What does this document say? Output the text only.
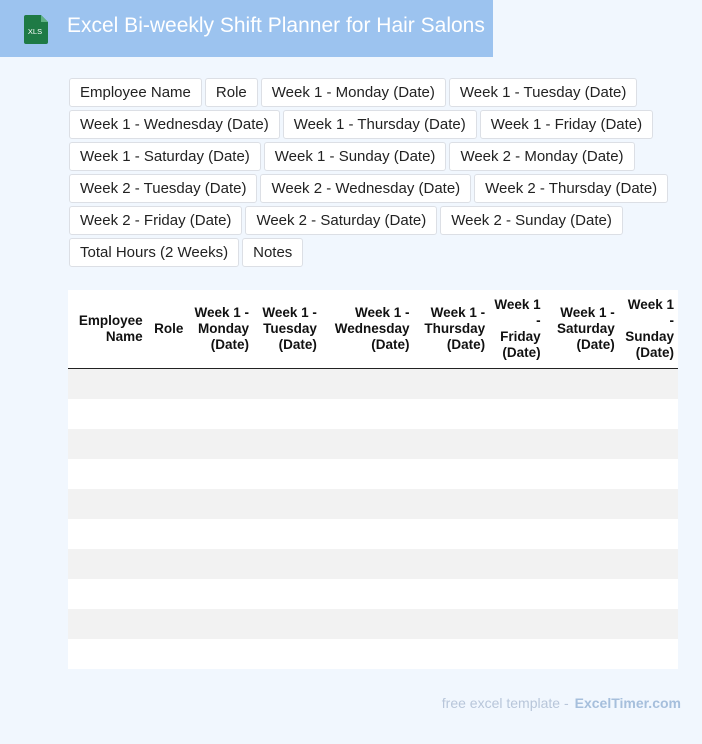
XLS Excel Bi-weekly Shift Planner for Hair Salons
Employee Name	Role	Week 1 - Monday (Date)	Week 1 - Tuesday (Date)
Week 1 - Wednesday (Date)	Week 1 - Thursday (Date)	Week 1 - Friday (Date)
Week 1 - Saturday (Date)	Week 1 - Sunday (Date)	Week 2 - Monday (Date)
Week 2 - Tuesday (Date)	Week 2 - Wednesday (Date)	Week 2 - Thursday (Date)
Week 2 - Friday (Date)	Week 2 - Saturday (Date)	Week 2 - Sunday (Date)
Total Hours (2 Weeks)	Notes
Employee Name	Role	Week 1 - Monday (Date)	Week 1 - Tuesday (Date)	Week 1 - Wednesday (Date)	Week 1 - Thursday (Date)	Week 1 - Friday (Date)	Week 1 - Saturday (Date)	Week 1 - Sunday (Date)

free excel template - ExcelTimer.com
